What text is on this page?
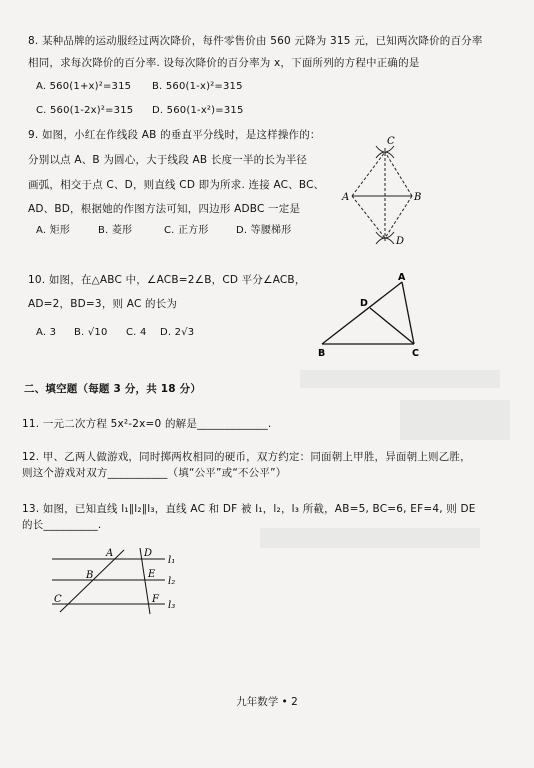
8. 某种品牌的运动服经过两次降价，每件零售价由 560 元降为 315 元，已知两次降价的百分率
相同，求每次降价的百分率. 设每次降价的百分率为 x，下面所列的方程中正确的是
A. 560(1+x)²=315 B. 560(1-x)²=315
C. 560(1-2x)²=315 D. 560(1-x²)=315
9. 如图，小红在作线段 AB 的垂直平分线时，是这样操作的：
分别以点 A、B 为圆心，大于线段 AB 长度一半的长为半径
画弧，相交于点 C、D，则直线 CD 即为所求. 连接 AC、BC、
AD、BD，根据她的作图方法可知，四边形 ADBC 一定是
A. 矩形	B. 菱形	C. 正方形	D. 等腰梯形
C
A	B
D
10. 如图，在△ABC 中，∠ACB=2∠B，CD 平分∠ACB，
AD=2，BD=3，则 AC 的长为
A. 3 B. √10 C. 4 D. 2√3
A
D
B	C
二、填空题（每题 3 分，共 18 分）
11. 一元二次方程 5x²-2x=0 的解是_____________.
12. 甲、乙两人做游戏，同时掷两枚相同的硬币，双方约定：同面朝上甲胜，异面朝上则乙胜，
则这个游戏对双方___________（填“公平”或“不公平”）
13. 如图，已知直线 l₁∥l₂∥l₃，直线 AC 和 DF 被 l₁，l₂，l₃ 所截，AB=5, BC=6, EF=4, 则 DE
的长__________.
A	D
B	E
C	F
l₁
l₂
l₃
九年数学 • 2
